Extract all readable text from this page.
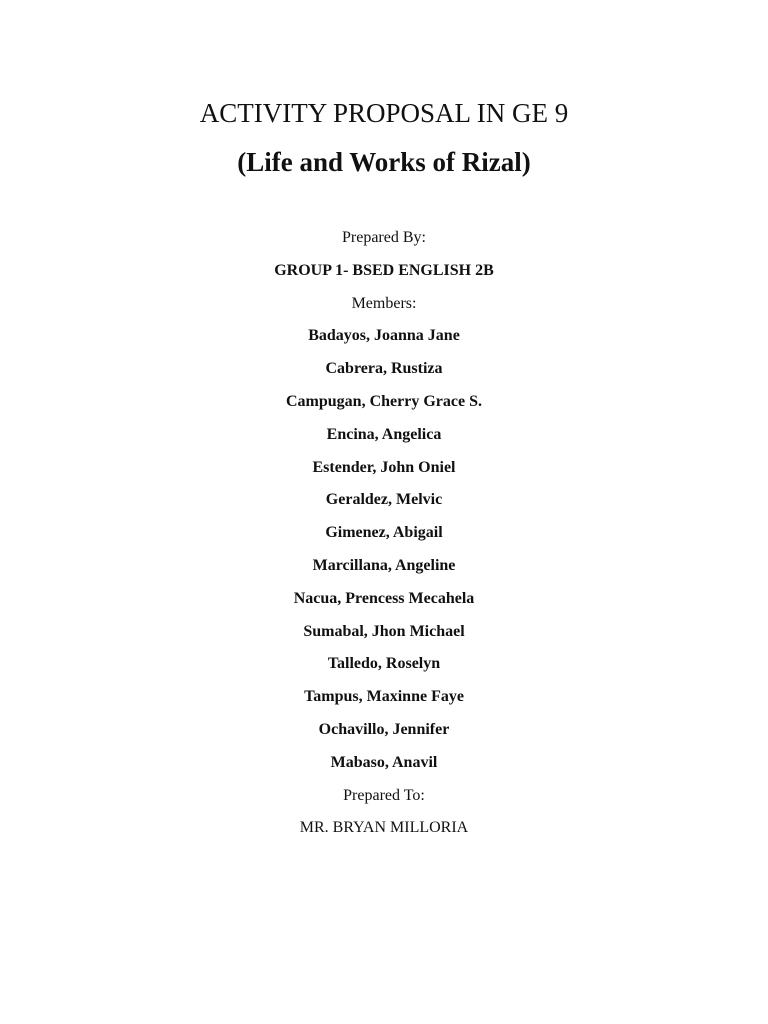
ACTIVITY PROPOSAL IN GE 9
(Life and Works of Rizal)
Prepared By:
GROUP 1- BSED ENGLISH 2B
Members:
Badayos, Joanna Jane
Cabrera, Rustiza
Campugan, Cherry Grace S.
Encina, Angelica
Estender, John Oniel
Geraldez, Melvic
Gimenez, Abigail
Marcillana, Angeline
Nacua, Prencess Mecahela
Sumabal, Jhon Michael
Talledo, Roselyn
Tampus, Maxinne Faye
Ochavillo, Jennifer
Mabaso, Anavil
Prepared To:
MR. BRYAN MILLORIA
